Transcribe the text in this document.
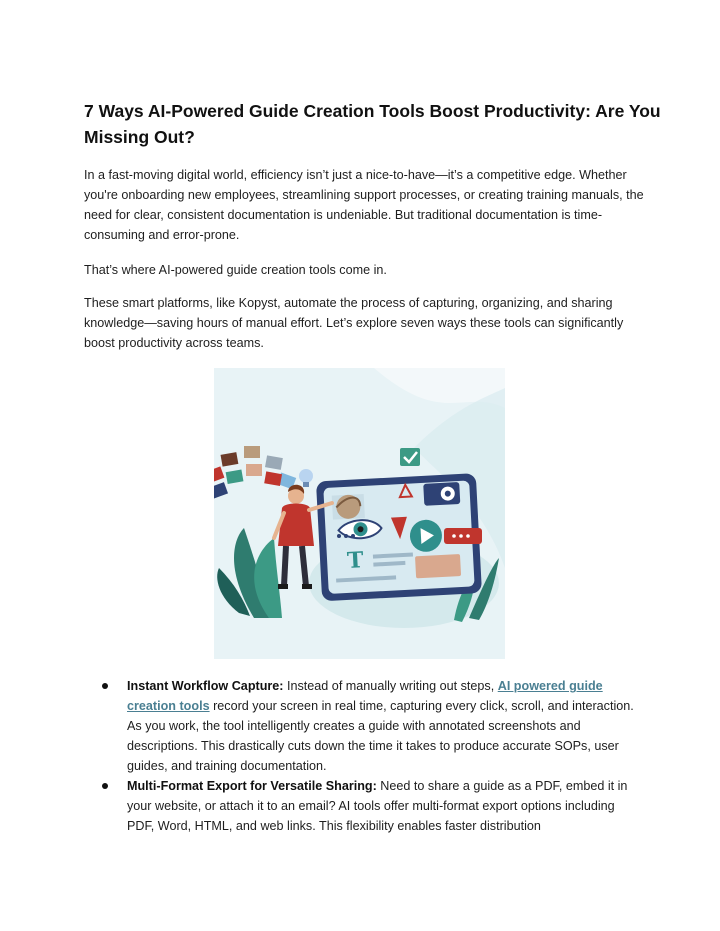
7 Ways AI-Powered Guide Creation Tools Boost Productivity: Are You Missing Out?

In a fast-moving digital world, efficiency isn’t just a nice-to-have—it’s a competitive edge. Whether you're onboarding new employees, streamlining support processes, or creating training manuals, the need for clear, consistent documentation is undeniable. But traditional documentation is time-consuming and error-prone.

That’s where AI-powered guide creation tools come in.

These smart platforms, like Kopyst, automate the process of capturing, organizing, and sharing knowledge—saving hours of manual effort. Let’s explore seven ways these tools can significantly boost productivity across teams.

T
Instant Workflow Capture: Instead of manually writing out steps, AI powered guide creation tools record your screen in real time, capturing every click, scroll, and interaction. As you work, the tool intelligently creates a guide with annotated screenshots and descriptions. This drastically cuts down the time it takes to produce accurate SOPs, user guides, and training documentation.
Multi-Format Export for Versatile Sharing: Need to share a guide as a PDF, embed it in your website, or attach it to an email? AI tools offer multi-format export options including PDF, Word, HTML, and web links. This flexibility enables faster distribution
